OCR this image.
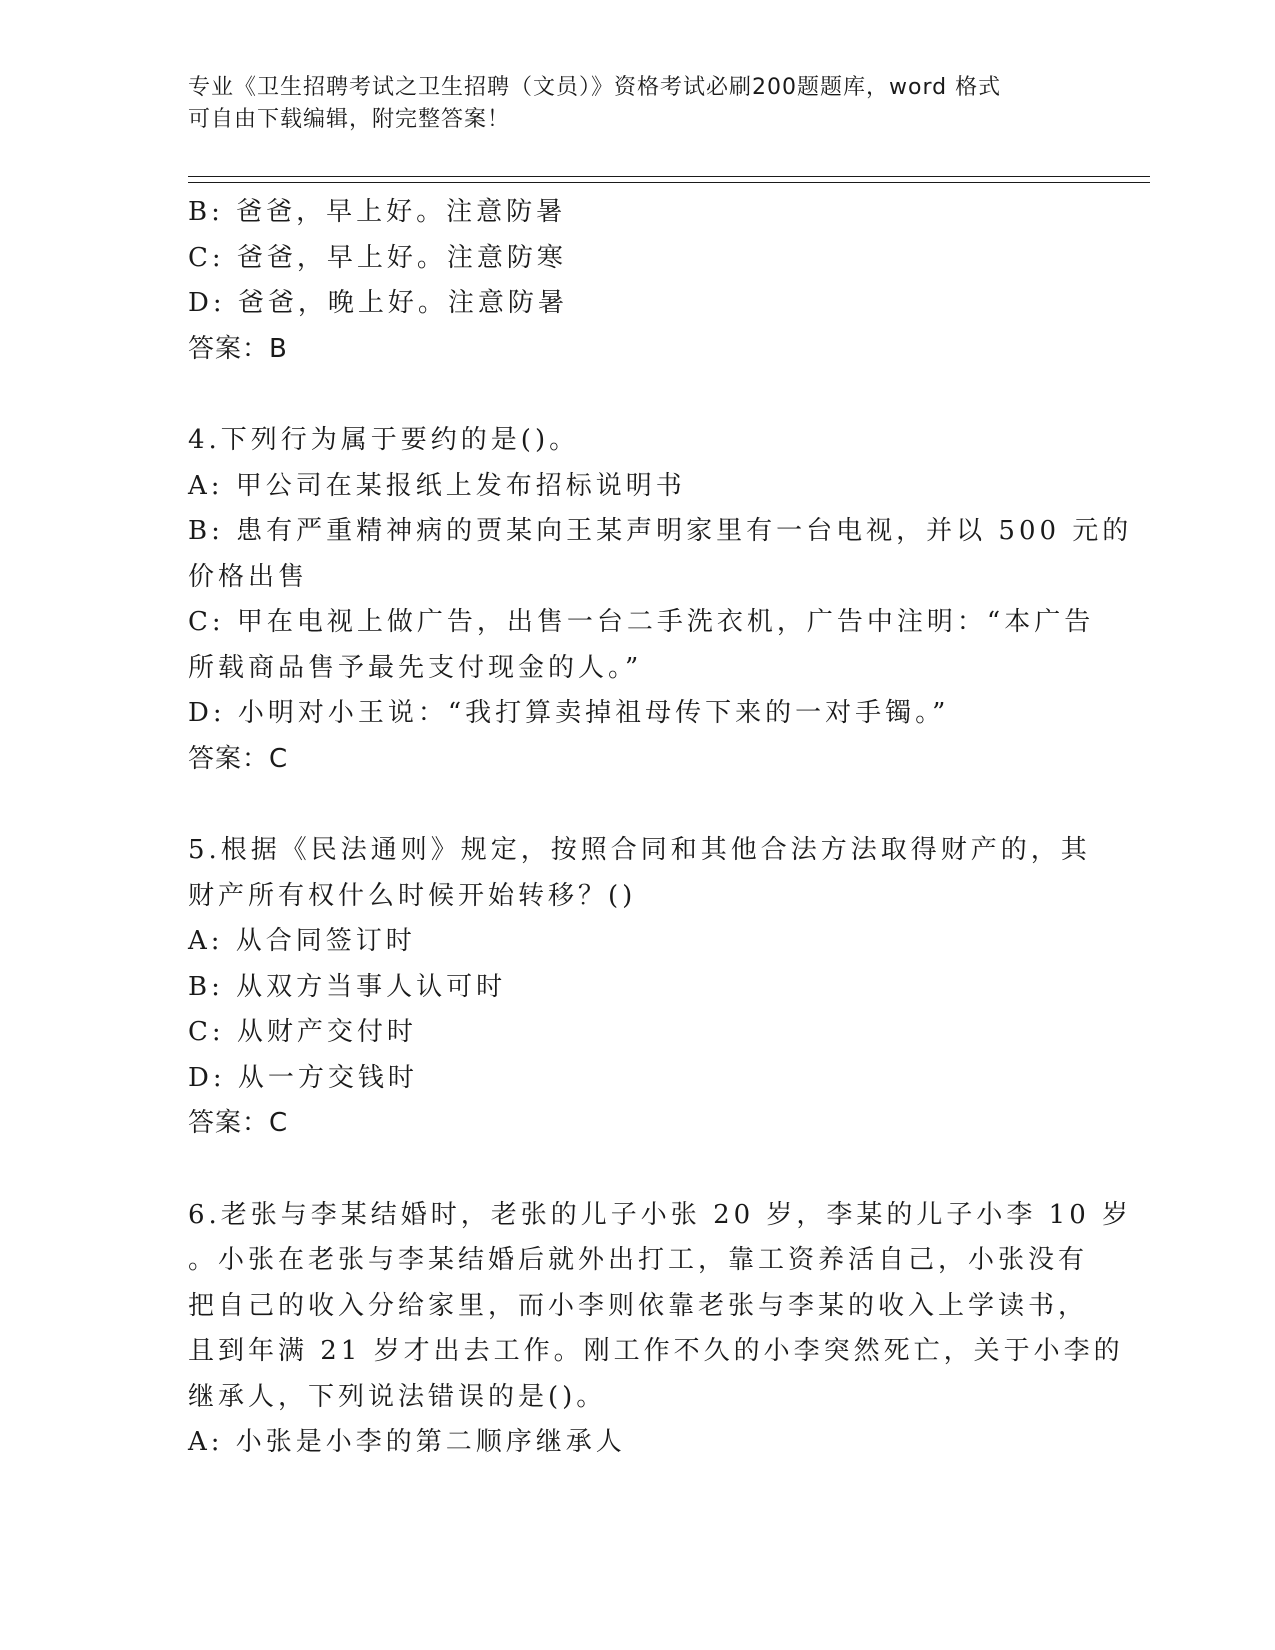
专业《卫生招聘考试之卫生招聘（文员）》资格考试必刷200题题库，word 格式
可自由下载编辑，附完整答案！
B: 爸爸，早上好。注意防暑
C: 爸爸，早上好。注意防寒
D: 爸爸，晚上好。注意防暑
答案：B
4.下列行为属于要约的是()。
A: 甲公司在某报纸上发布招标说明书
B: 患有严重精神病的贾某向王某声明家里有一台电视，并以 500 元的
价格出售
C: 甲在电视上做广告，出售一台二手洗衣机，广告中注明：“本广告
所载商品售予最先支付现金的人。”
D: 小明对小王说：“我打算卖掉祖母传下来的一对手镯。”
答案：C
5.根据《民法通则》规定，按照合同和其他合法方法取得财产的，其
财产所有权什么时候开始转移？()
A: 从合同签订时
B: 从双方当事人认可时
C: 从财产交付时
D: 从一方交钱时
答案：C
6.老张与李某结婚时，老张的儿子小张 20 岁，李某的儿子小李 10 岁
。小张在老张与李某结婚后就外出打工，靠工资养活自己，小张没有
把自己的收入分给家里，而小李则依靠老张与李某的收入上学读书，
且到年满 21 岁才出去工作。刚工作不久的小李突然死亡，关于小李的
继承人，下列说法错误的是()。
A: 小张是小李的第二顺序继承人
